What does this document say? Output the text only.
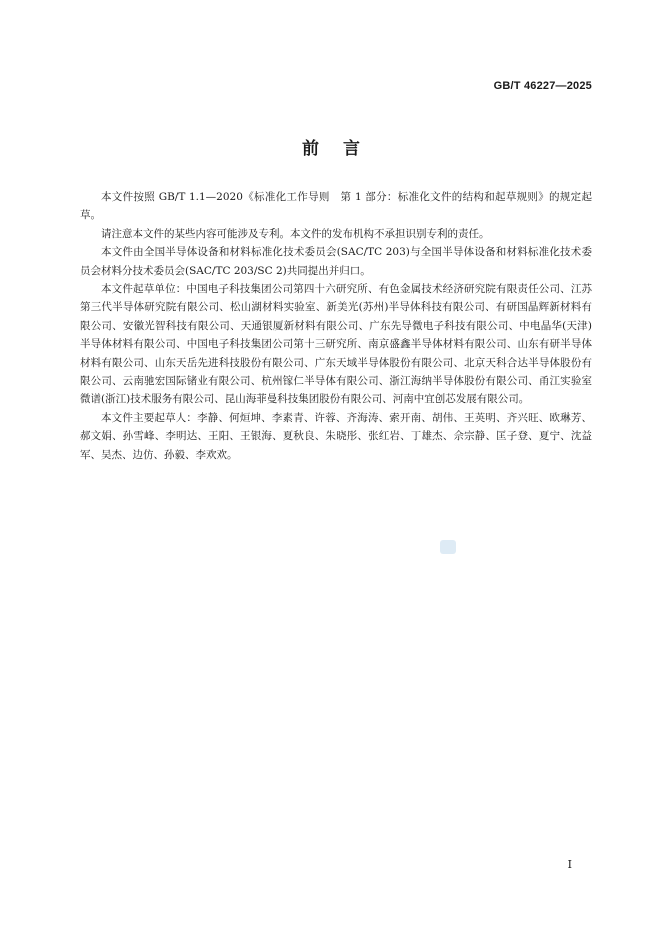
GB/T 46227—2025
前言

本文件按照 GB/T 1.1—2020《标准化工作导则　第 1 部分：标准化文件的结构和起草规则》的规定起草。

请注意本文件的某些内容可能涉及专利。本文件的发布机构不承担识别专利的责任。

本文件由全国半导体设备和材料标准化技术委员会(SAC/TC 203)与全国半导体设备和材料标准化技术委员会材料分技术委员会(SAC/TC 203/SC 2)共同提出并归口。

本文件起草单位：中国电子科技集团公司第四十六研究所、有色金属技术经济研究院有限责任公司、江苏第三代半导体研究院有限公司、松山湖材料实验室、新美光(苏州)半导体科技有限公司、有研国晶辉新材料有限公司、安徽光智科技有限公司、天通银厦新材料有限公司、广东先导微电子科技有限公司、中电晶华(天津)半导体材料有限公司、中国电子科技集团公司第十三研究所、南京盛鑫半导体材料有限公司、山东有研半导体材料有限公司、山东天岳先进科技股份有限公司、广东天域半导体股份有限公司、北京天科合达半导体股份有限公司、云南驰宏国际锗业有限公司、杭州镓仁半导体有限公司、浙江海纳半导体股份有限公司、甬江实验室微谱(浙江)技术服务有限公司、昆山海菲曼科技集团股份有限公司、河南中宜创芯发展有限公司。

本文件主要起草人：李静、何烜坤、李素青、许蓉、齐海涛、索开南、胡伟、王英明、齐兴旺、欧琳芳、郝文娟、孙雪峰、李明达、王阳、王银海、夏秋良、朱晓彤、张红岩、丁雄杰、佘宗静、匡子登、夏宁、沈益军、吴杰、边仿、孙毅、李欢欢。

I
